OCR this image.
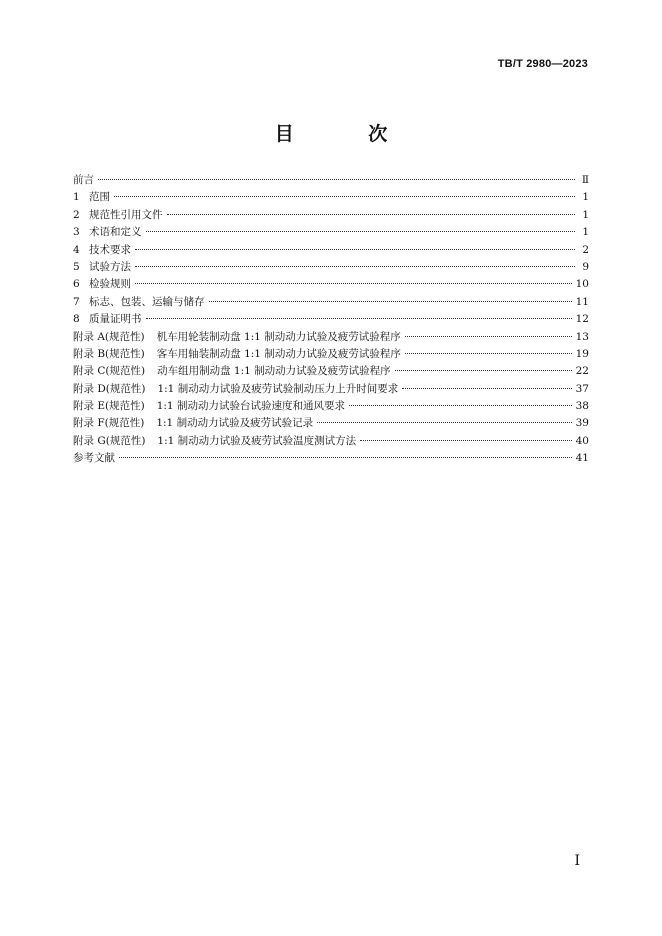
TB/T 2980—2023
目 次
前言	Ⅱ
1 范围	1
2 规范性引用文件	1
3 术语和定义	1
4 技术要求	2
5 试验方法	9
6 检验规则	10
7 标志、包装、运输与储存	11
8 质量证明书	12
附录 A(规范性) 机车用轮装制动盘 1:1 制动动力试验及疲劳试验程序	13
附录 B(规范性) 客车用轴装制动盘 1:1 制动动力试验及疲劳试验程序	19
附录 C(规范性) 动车组用制动盘 1:1 制动动力试验及疲劳试验程序	22
附录 D(规范性) 1:1 制动动力试验及疲劳试验制动压力上升时间要求	37
附录 E(规范性) 1:1 制动动力试验台试验速度和通风要求	38
附录 F(规范性) 1:1 制动动力试验及疲劳试验记录	39
附录 G(规范性) 1:1 制动动力试验及疲劳试验温度测试方法	40
参考文献	41
I
